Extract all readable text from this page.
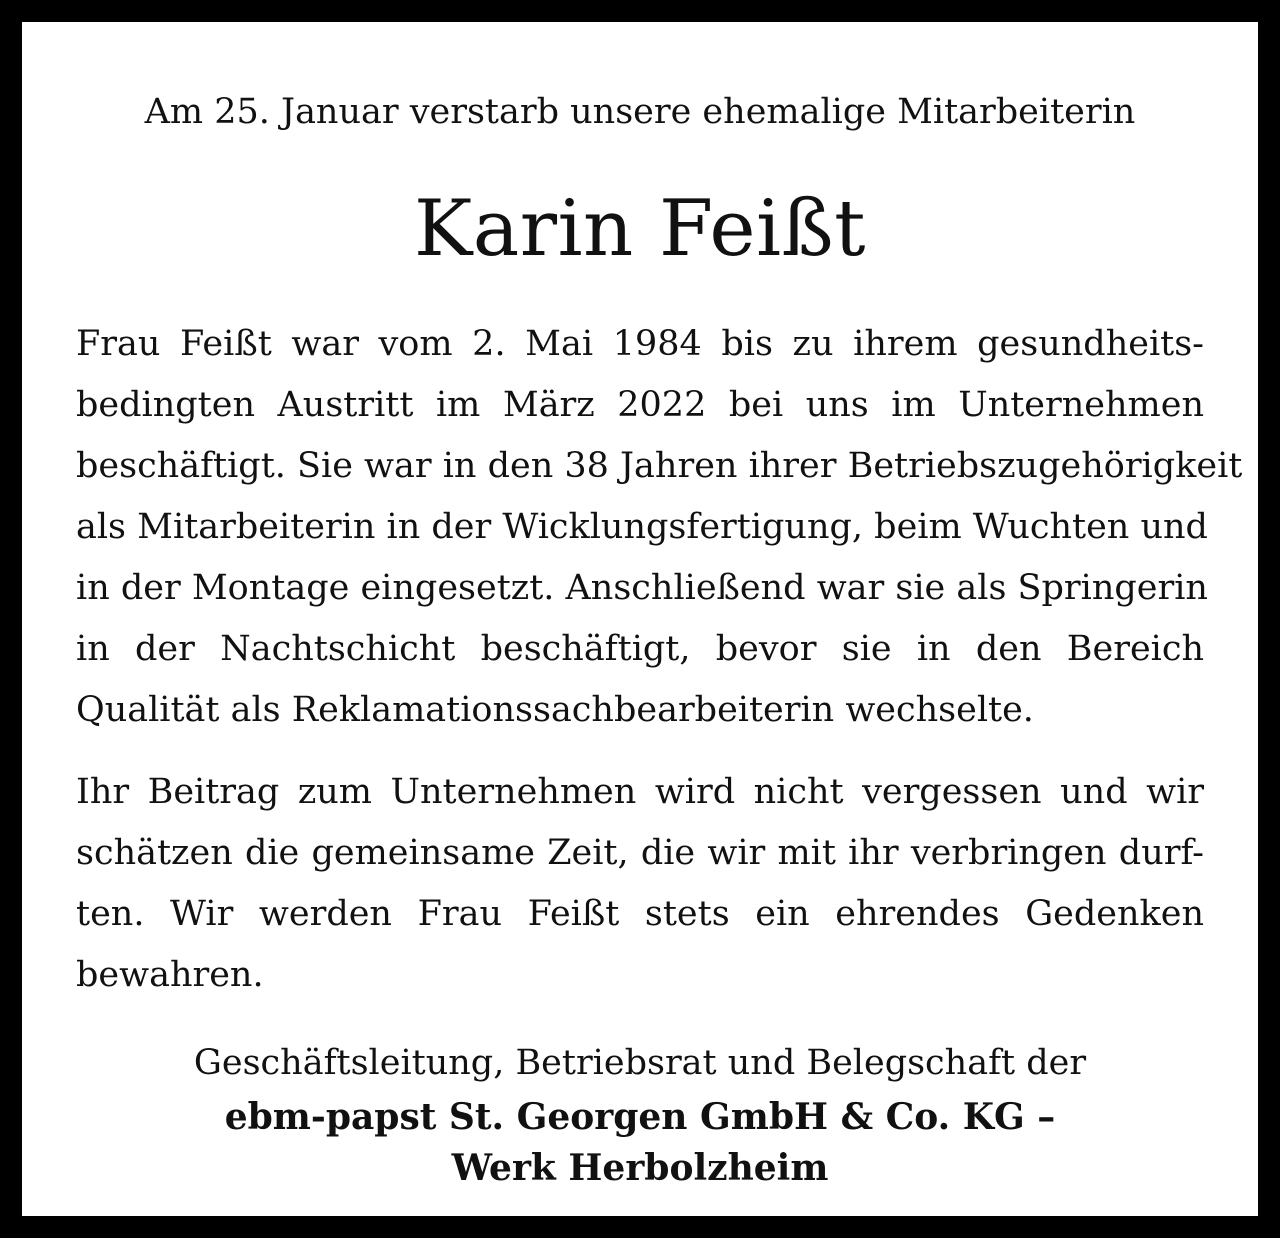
Am 25. Januar verstarb unsere ehemalige Mitarbeiterin
Karin Feißt
Frau Feißt war vom 2. Mai 1984 bis zu ihrem gesundheits-
bedingten Austritt im März 2022 bei uns im Unternehmen
beschäftigt. Sie war in den 38 Jahren ihrer Betriebszugehörigkeit
als Mitarbeiterin in der Wicklungsfertigung, beim Wuchten und
in der Montage eingesetzt. Anschließend war sie als Springerin
in der Nachtschicht beschäftigt, bevor sie in den Bereich
Qualität als Reklamationssachbearbeiterin wechselte.
Ihr Beitrag zum Unternehmen wird nicht vergessen und wir
schätzen die gemeinsame Zeit, die wir mit ihr verbringen durf-
ten. Wir werden Frau Feißt stets ein ehrendes Gedenken
bewahren.
Geschäftsleitung, Betriebsrat und Belegschaft der
ebm-papst St. Georgen GmbH & Co. KG –
Werk Herbolzheim
